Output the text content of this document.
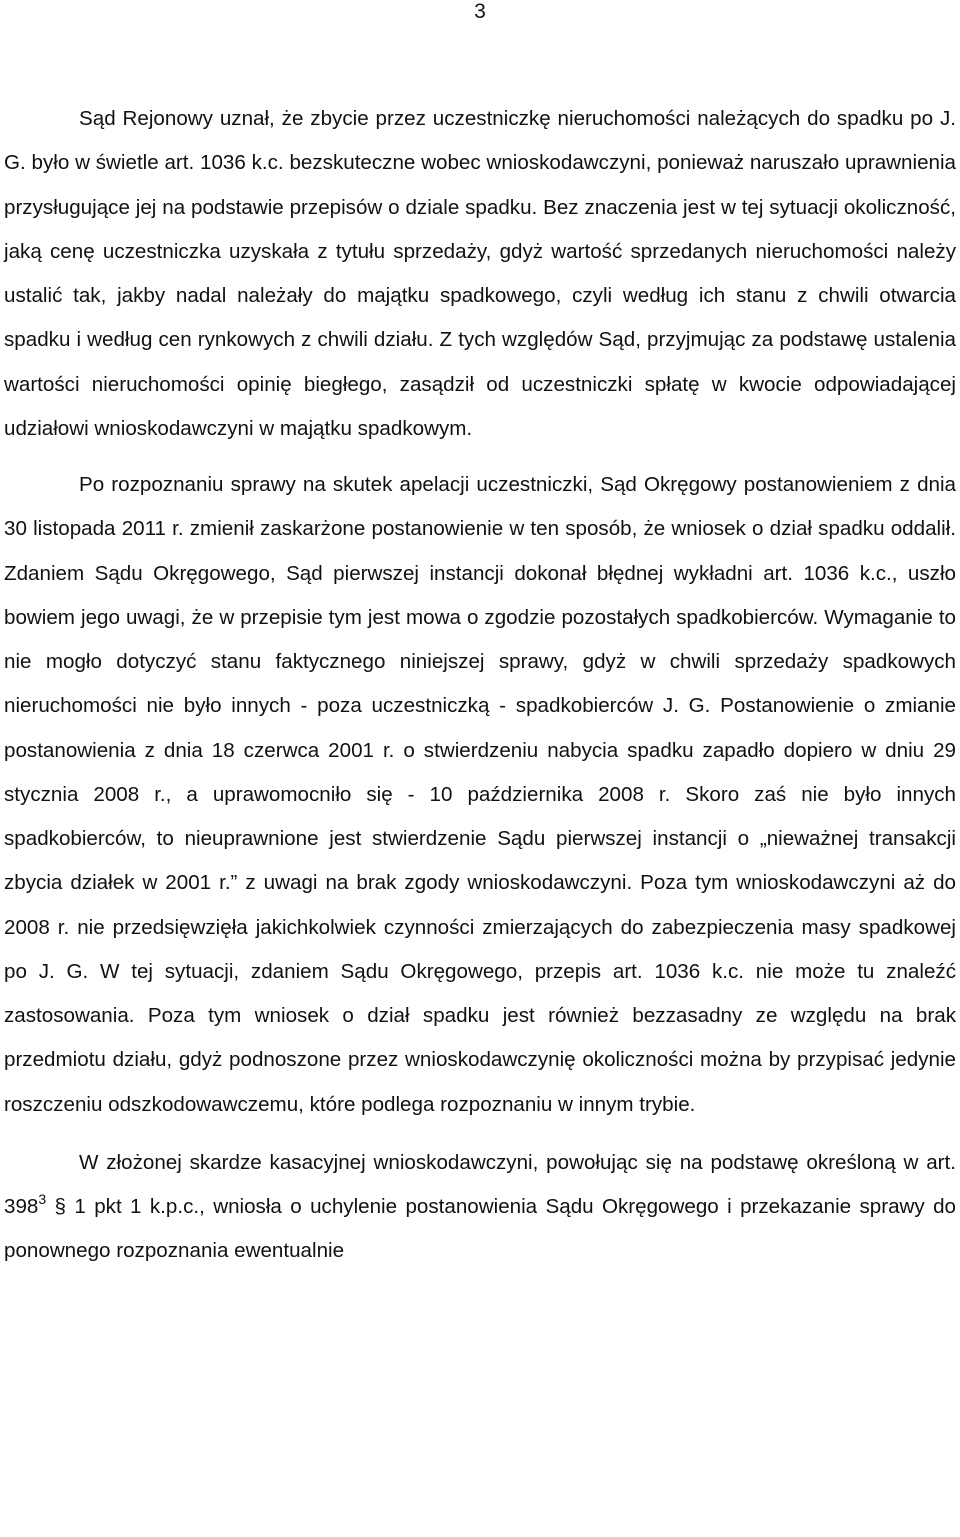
3

Sąd Rejonowy uznał, że zbycie przez uczestniczkę nieruchomości należących do spadku po J. G. było w świetle art. 1036 k.c. bezskuteczne wobec wnioskodawczyni, ponieważ naruszało uprawnienia przysługujące jej na podstawie przepisów o dziale spadku. Bez znaczenia jest w tej sytuacji okoliczność, jaką cenę uczestniczka uzyskała z tytułu sprzedaży, gdyż wartość sprzedanych nieruchomości należy ustalić tak, jakby nadal należały do majątku spadkowego, czyli według ich stanu z chwili otwarcia spadku i według cen rynkowych z chwili działu. Z tych względów Sąd, przyjmując za podstawę ustalenia wartości nieruchomości opinię biegłego, zasądził od uczestniczki spłatę w kwocie odpowiadającej udziałowi wnioskodawczyni w majątku spadkowym.

Po rozpoznaniu sprawy na skutek apelacji uczestniczki, Sąd Okręgowy postanowieniem z dnia 30 listopada 2011 r. zmienił zaskarżone postanowienie w ten sposób, że wniosek o dział spadku oddalił. Zdaniem Sądu Okręgowego, Sąd pierwszej instancji dokonał błędnej wykładni art. 1036 k.c., uszło bowiem jego uwagi, że w przepisie tym jest mowa o zgodzie pozostałych spadkobierców. Wymaganie to nie mogło dotyczyć stanu faktycznego niniejszej sprawy, gdyż w chwili sprzedaży spadkowych nieruchomości nie było innych - poza uczestniczką - spadkobierców J. G. Postanowienie o zmianie postanowienia z dnia 18 czerwca 2001 r. o stwierdzeniu nabycia spadku zapadło dopiero w dniu 29 stycznia 2008 r., a uprawomocniło się - 10 października 2008 r. Skoro zaś nie było innych spadkobierców, to nieuprawnione jest stwierdzenie Sądu pierwszej instancji o „nieważnej transakcji zbycia działek w 2001 r.” z uwagi na brak zgody wnioskodawczyni. Poza tym wnioskodawczyni aż do 2008 r. nie przedsięwzięła jakichkolwiek czynności zmierzających do zabezpieczenia masy spadkowej po J. G. W tej sytuacji, zdaniem Sądu Okręgowego, przepis art. 1036 k.c. nie może tu znaleźć zastosowania. Poza tym wniosek o dział spadku jest również bezzasadny ze względu na brak przedmiotu działu, gdyż podnoszone przez wnioskodawczynię okoliczności można by przypisać jedynie roszczeniu odszkodowawczemu, które podlega rozpoznaniu w innym trybie.

W złożonej skardze kasacyjnej wnioskodawczyni, powołując się na podstawę określoną w art. $398^3$ § 1 pkt 1 k.p.c., wniosła o uchylenie postanowienia Sądu Okręgowego i przekazanie sprawy do ponownego rozpoznania ewentualnie
